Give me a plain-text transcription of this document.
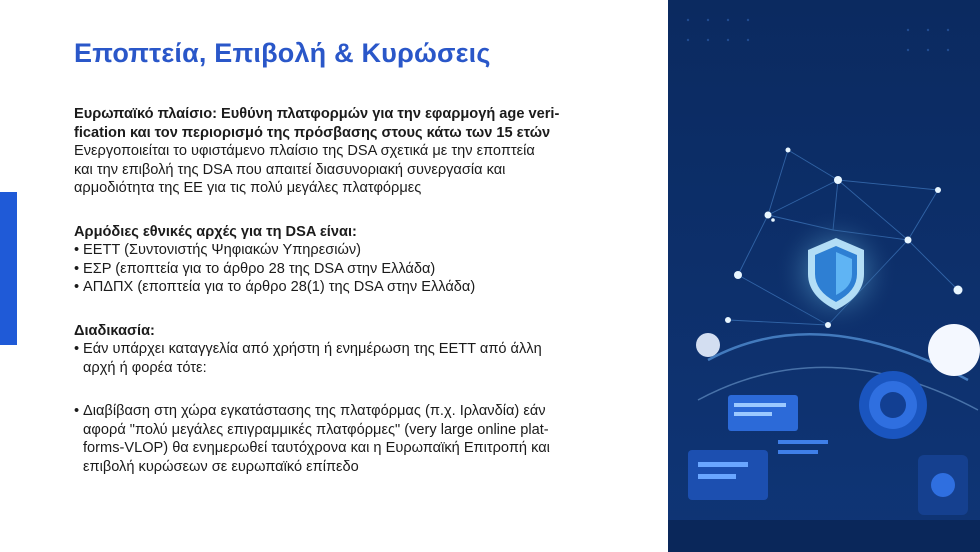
Εποπτεία, Επιβολή & Κυρώσεις

Ευρωπαϊκό πλαίσιο: Ευθύνη πλατφορμών για την εφαρμογή age veri-

fication και τον περιορισμό της πρόσβασης στους κάτω των 15 ετών

Ενεργοποιείται το υφιστάμενο πλαίσιο της DSA σχετικά με την εποπτεία

και την επιβολή της DSA που απαιτεί διασυνοριακή συνεργασία και

αρμοδιότητα της ΕΕ για τις πολύ μεγάλες πλατφόρμες

Αρμόδιες εθνικές αρχές για τη DSA είναι:

• ΕΕΤΤ (Συντονιστής Ψηφιακών Υπηρεσιών)
• ΕΣΡ (εποπτεία για το άρθρο 28 της DSA στην Ελλάδα)
• ΑΠΔΠΧ (εποπτεία για το άρθρο 28(1) της DSA στην Ελλάδα)

Διαδικασία:

• Εάν υπάρχει καταγγελία από χρήστη ή ενημέρωση της ΕΕΤΤ από άλλη
αρχή ή φορέα τότε:
• Διαβίβαση στη χώρα εγκατάστασης της πλατφόρμας (π.χ. Ιρλανδία) εάν
αφορά "πολύ μεγάλες επιγραμμικές πλατφόρμες" (very large online plat-
forms-VLOP) θα ενημερωθεί ταυτόχρονα και η Ευρωπαϊκή Επιτροπή και
επιβολή κυρώσεων σε ευρωπαϊκό επίπεδο
